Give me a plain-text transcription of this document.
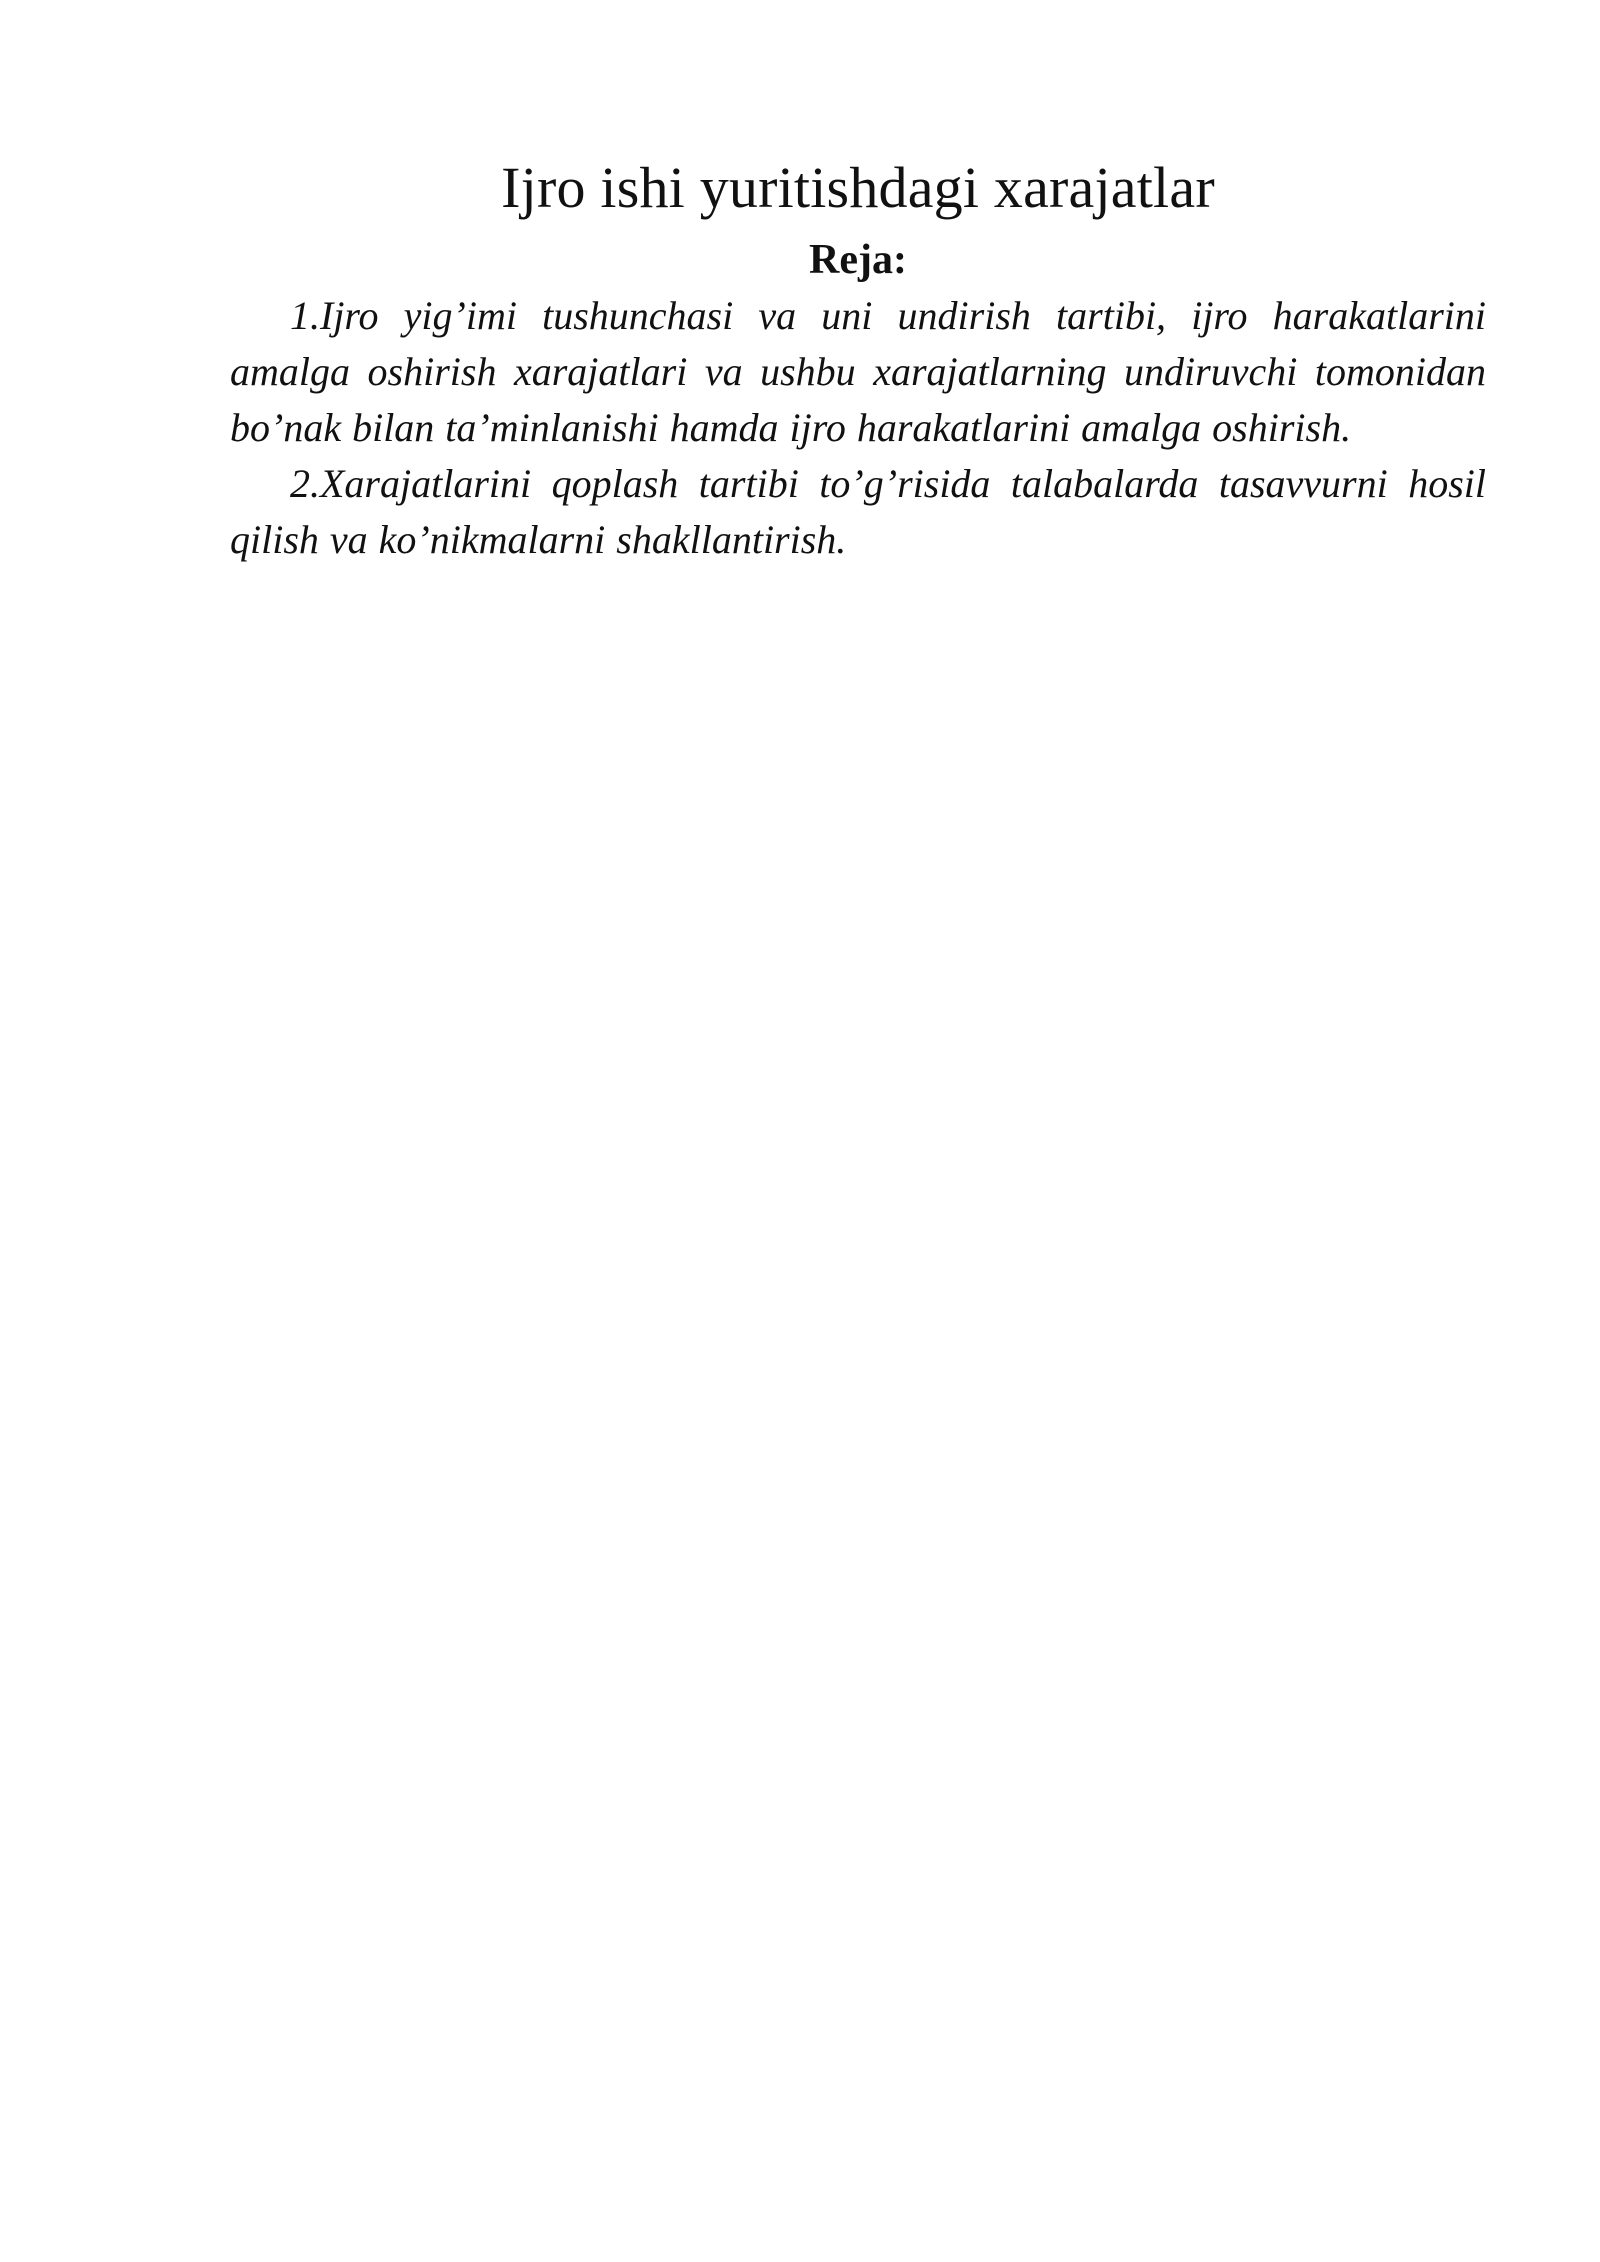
Ijro ishi yuritishdagi xarajatlar
Reja:

1.Ijro yig’imi tushunchasi va uni undirish tartibi, ijro harakatlarini amalga oshirish xarajatlari va ushbu xarajatlarning undiruvchi tomonidan bo’nak bilan ta’minlanishi hamda ijro harakatlarini amalga oshirish.

2.Xarajatlarini qoplash tartibi to’g’risida talabalarda tasavvurni hosil qilish va ko’nikmalarni shakllantirish.
